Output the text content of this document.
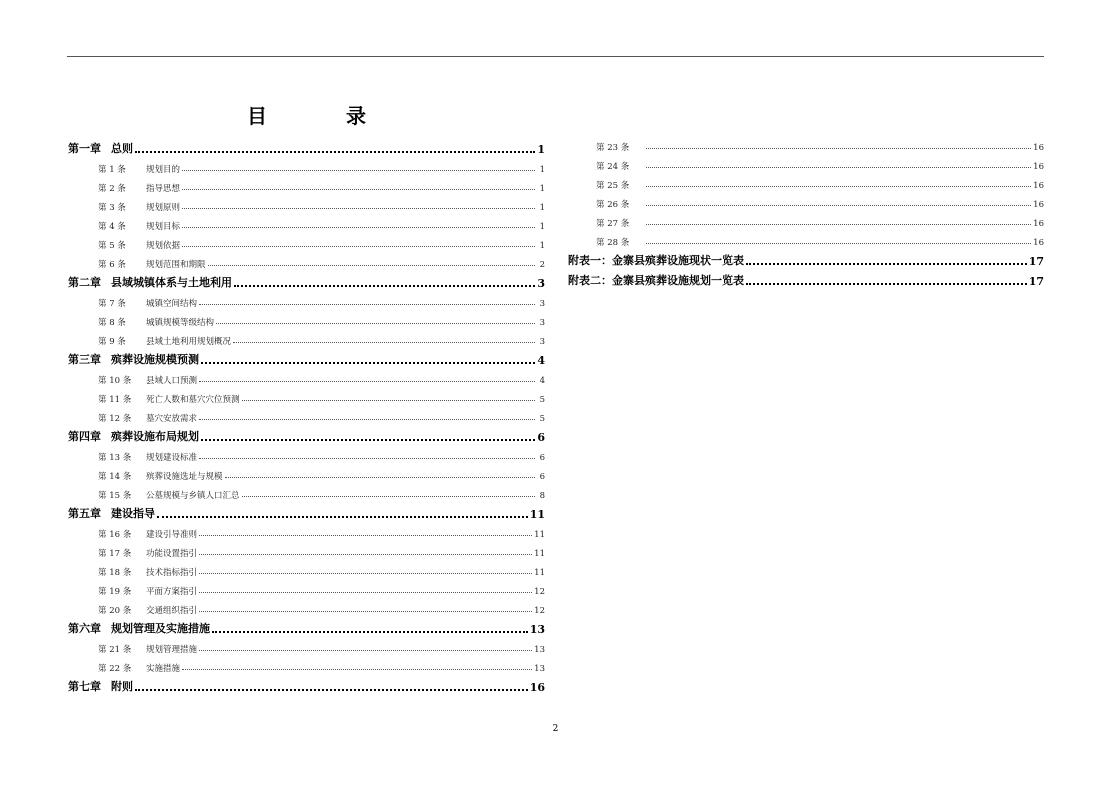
目 录
第一章 总则	1
第 1 条	规划目的	1
第 2 条	指导思想	1
第 3 条	规划原则	1
第 4 条	规划目标	1
第 5 条	规划依据	1
第 6 条	规划范围和期限	2
第二章 县域城镇体系与土地利用	3
第 7 条	城镇空间结构	3
第 8 条	城镇规模等级结构	3
第 9 条	县域土地利用规划概况	3
第三章 殡葬设施规模预测	4
第 10 条	县域人口预测	4
第 11 条	死亡人数和墓穴穴位预测	5
第 12 条	墓穴安放需求	5
第四章 殡葬设施布局规划	6
第 13 条	规划建设标准	6
第 14 条	殡葬设施选址与规模	6
第 15 条	公墓规模与乡镇人口汇总	8
第五章 建设指导	11
第 16 条	建设引导准则	11
第 17 条	功能设置指引	11
第 18 条	技术指标指引	11
第 19 条	平面方案指引	12
第 20 条	交通组织指引	12
第六章 规划管理及实施措施	13
第 21 条	规划管理措施	13
第 22 条	实施措施	13
第七章 附则	16
第 23 条	16
第 24 条	16
第 25 条	16
第 26 条	16
第 27 条	16
第 28 条	16
附表一：金寨县殡葬设施现状一览表	17
附表二：金寨县殡葬设施规划一览表	17
2
